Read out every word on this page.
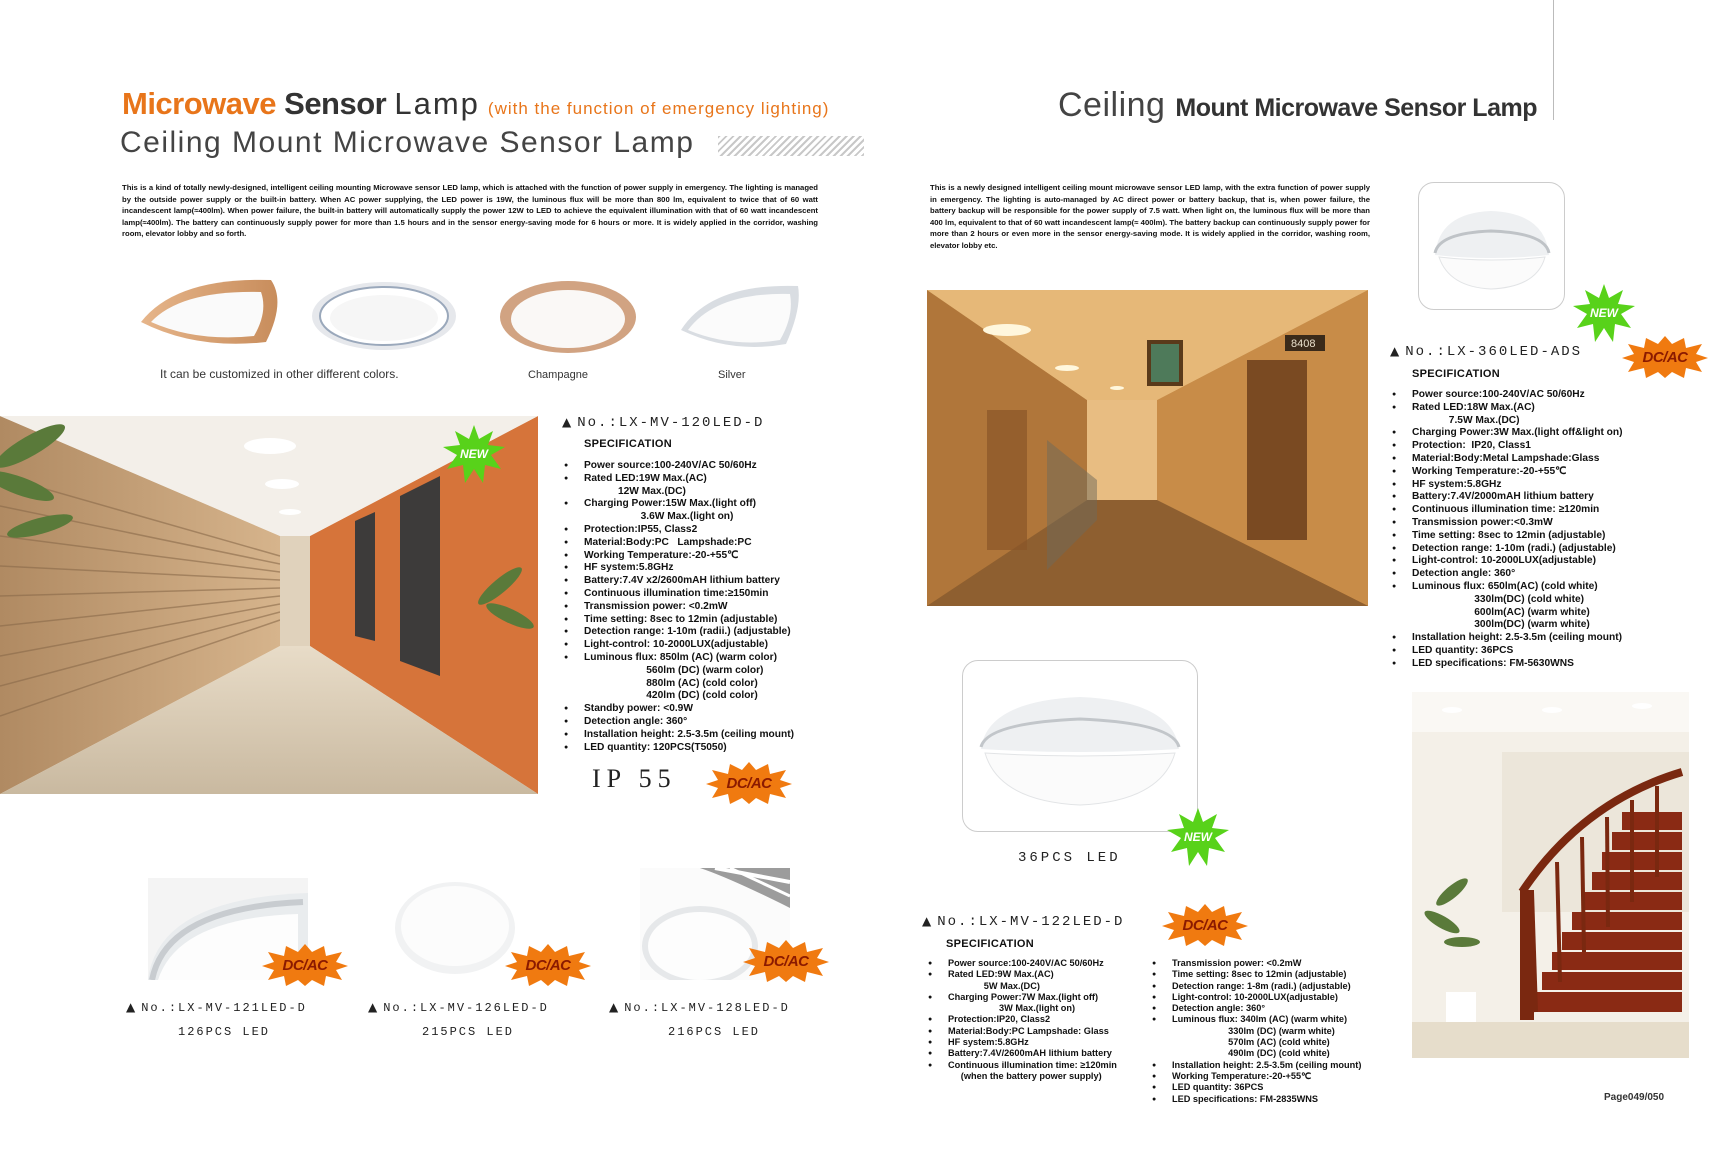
Microwave Sensor Lamp (with the function of emergency lighting)
Ceiling Mount Microwave Sensor Lamp
Ceiling Mount Microwave Sensor Lamp
This is a kind of totally newly-designed, intelligent ceiling mounting Microwave sensor LED lamp, which is attached with the function of power supply in emergency. The lighting is managed by the outside power supply or the built-in battery. When AC power supplying, the LED power is 19W, the luminous flux will be more than 800 lm, equivalent to twice that of 60 watt incandescent lamp(≈400lm). When power failure, the built-in battery will automatically supply the power 12W to LED to achieve the equivalent illumination with that of 60 watt incandescent lamp(≈400lm). The battery can continuously supply power for more than 1.5 hours and in the sensor energy-saving mode for 6 hours or more. It is widely applied in the corridor, washing room, elevator lobby and so forth.
This is a newly designed intelligent ceiling mount microwave sensor LED lamp, with the extra function of power supply in emergency. The lighting is auto-managed by AC direct power or battery backup, that is, when power failure, the battery backup will be responsible for the power supply of 7.5 watt. When light on, the luminous flux will be more than 400 lm, equivalent to that of 60 watt incandescent lamp(≈ 400lm). The battery backup can continuously supply power for more than 2 hours or even more in the sensor energy-saving mode. It is widely applied in the corridor, washing room, elevator lobby etc.
It can be customized in other different colors.	Champagne	Silver
NEW
▲ No.:LX-MV-120LED-D
SPECIFICATION
● Power source:100-240V/AC 50/60Hz
● Rated LED:19W Max.(AC)
12W Max.(DC)
● Charging Power:15W Max.(light off)
3.6W Max.(light on)
● Protection:IP55, Class2
● Material:Body:PC   Lampshade:PC
● Working Temperature:-20-+55℃
● HF system:5.8GHz
● Battery:7.4V x2/2600mAH lithium battery
● Continuous illumination time:≥150min
● Transmission power: <0.2mW
● Time setting: 8sec to 12min (adjustable)
● Detection range: 1-10m (radii.) (adjustable)
● Light-control: 10-2000LUX(adjustable)
● Luminous flux: 850lm (AC) (warm color)
560lm (DC) (warm color)
880lm (AC) (cold color)
420lm (DC) (cold color)
● Standby power: <0.9W
● Detection angle: 360°
● Installation height: 2.5-3.5m (ceiling mount)
● LED quantity: 120PCS(T5050)
IP 55	DC/AC
DC/AC	DC/AC	DC/AC
▲ No.:LX-MV-121LED-D	▲ No.:LX-MV-126LED-D	▲ No.:LX-MV-128LED-D
126PCS LED	215PCS LED	216PCS LED
8408
NEW
▲ No.:LX-360LED-ADS	DC/AC
SPECIFICATION
● Power source:100-240V/AC 50/60Hz
● Rated LED:18W Max.(AC)
7.5W Max.(DC)
● Charging Power:3W Max.(light off&light on)
● Protection:  IP20, Class1
● Material:Body:Metal Lampshade:Glass
● Working Temperature:-20-+55℃
● HF system:5.8GHz
● Battery:7.4V/2000mAH lithium battery
● Continuous illumination time: ≥120min
● Transmission power:<0.3mW
● Time setting: 8sec to 12min (adjustable)
● Detection range: 1-10m (radi.) (adjustable)
● Light-control: 10-2000LUX(adjustable)
● Detection angle: 360°
● Luminous flux: 650lm(AC) (cold white)
330lm(DC) (cold white)
600lm(AC) (warm white)
300lm(DC) (warm white)
● Installation height: 2.5-3.5m (ceiling mount)
● LED quantity: 36PCS
● LED specifications: FM-5630WNS
NEW
36PCS LED
▲ No.:LX-MV-122LED-D	DC/AC
SPECIFICATION
● Power source:100-240V/AC 50/60Hz
● Rated LED:9W Max.(AC)
5W Max.(DC)
● Charging Power:7W Max.(light off)
3W Max.(light on)
● Protection:IP20, Class2
● Material:Body:PC Lampshade: Glass
● HF system:5.8GHz
● Battery:7.4V/2600mAH lithium battery
● Continuous illumination time: ≥120min
(when the battery power supply)
● Transmission power: <0.2mW
● Time setting: 8sec to 12min (adjustable)
● Detection range: 1-8m (radi.) (adjustable)
● Light-control: 10-2000LUX(adjustable)
● Detection angle: 360°
● Luminous flux: 340lm (AC) (warm white)
330lm (DC) (warm white)
570lm (AC) (cold white)
490lm (DC) (cold white)
● Installation height: 2.5-3.5m (ceiling mount)
● Working Temperature:-20-+55℃
● LED quantity: 36PCS
● LED specifications: FM-2835WNS	Page049/050
